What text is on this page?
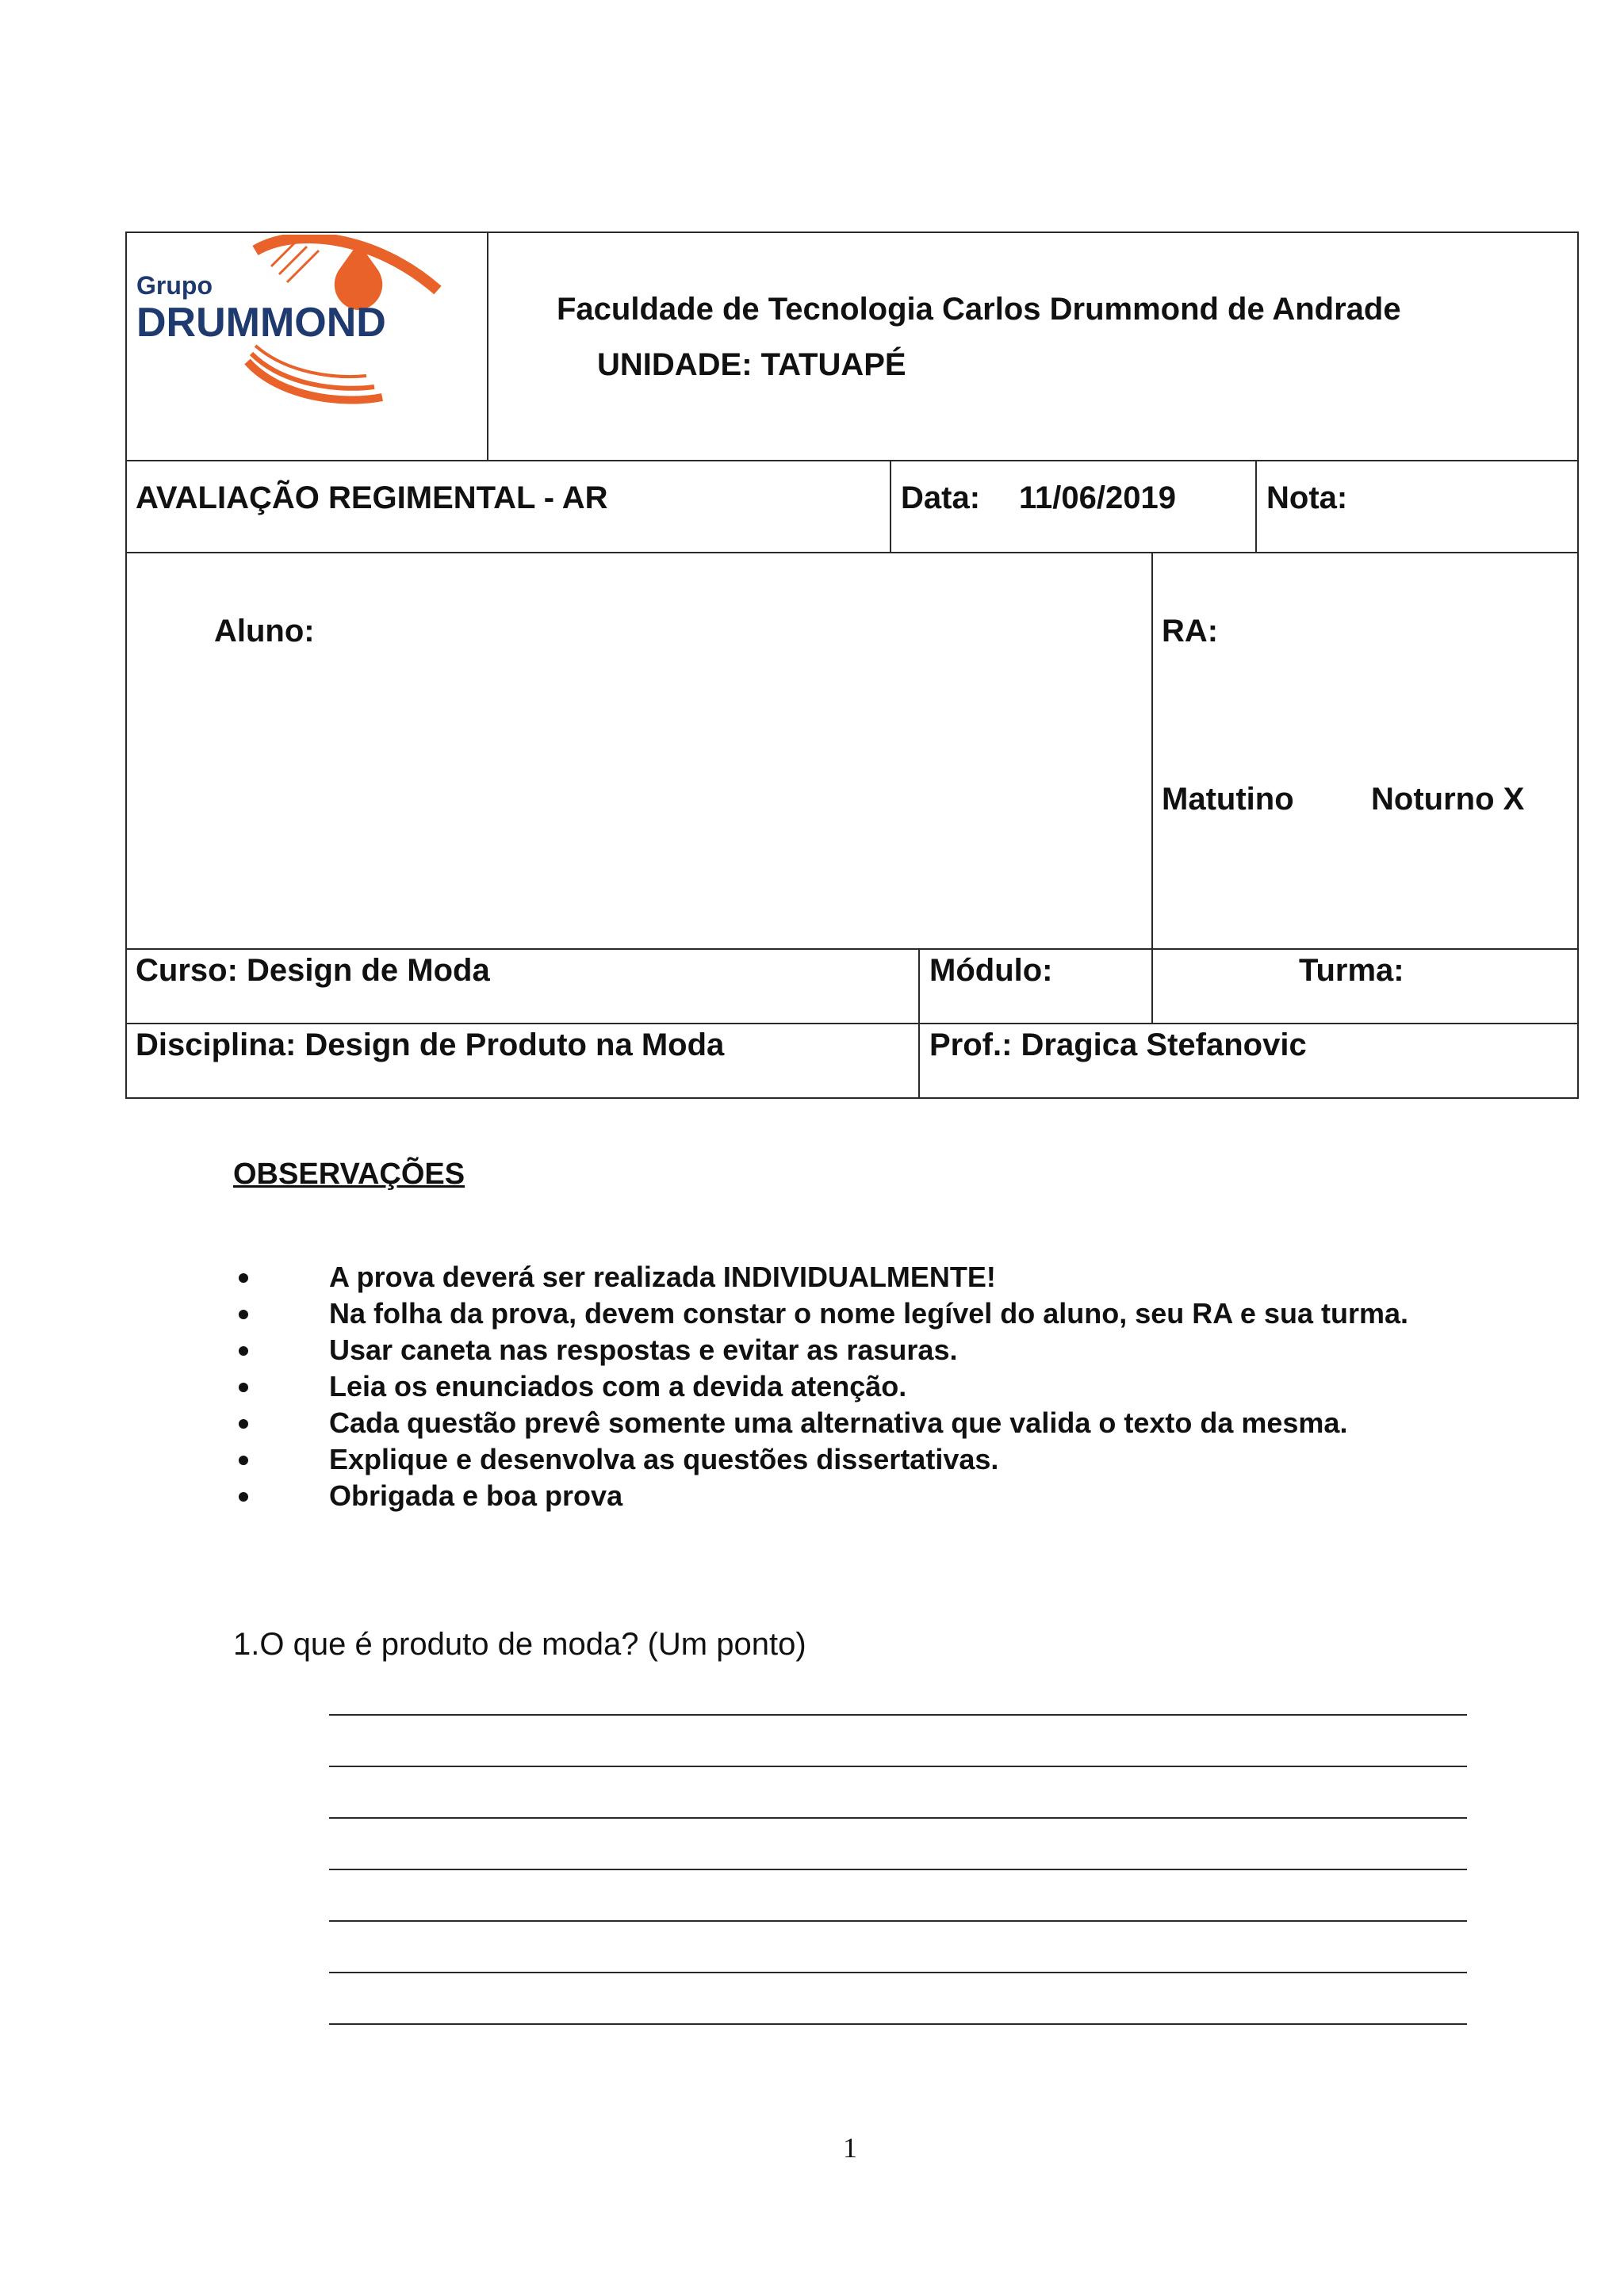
Grupo
DRUMMOND	Faculdade de Tecnologia Carlos Drummond de Andrade
UNIDADE: TATUAPÉ
AVALIAÇÃO REGIMENTAL - AR	Data: 11/06/2019	Nota:
Aluno:	RA:
Matutino Noturno X
Curso: Design de Moda	Módulo:	Turma:
Disciplina: Design de Produto na Moda	Prof.: Dragica Stefanovic
OBSERVAÇÕES
A prova deverá ser realizada INDIVIDUALMENTE!
Na folha da prova, devem constar o nome legível do aluno, seu RA e sua turma.
Usar caneta nas respostas e evitar as rasuras.
Leia os enunciados com a devida atenção.
Cada questão prevê somente uma alternativa que valida o texto da mesma.
Explique e desenvolva as questões dissertativas.
Obrigada e boa prova
1.O que é produto de moda? (Um ponto)
1
